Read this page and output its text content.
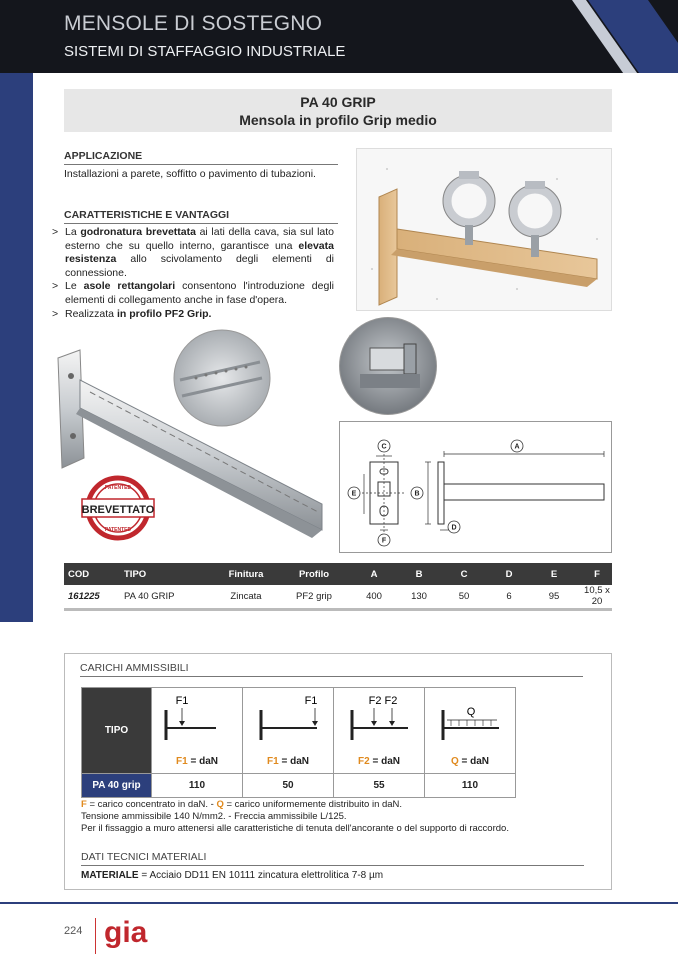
MENSOLE DI SOSTEGNO
SISTEMI DI STAFFAGGIO INDUSTRIALE
PA 40 GRIP
Mensola in profilo Grip medio
APPLICAZIONE
Installazioni a parete, soffitto o pavimento di tubazioni.
CARATTERISTICHE E VANTAGGI
> La godronatura brevettata ai lati della cava, sia sul lato esterno che su quello interno, garantisce una elevata resistenza allo scivolamento degli elementi di connessione.
> Le asole rettangolari consentono l'introduzione degli elementi di collegamento anche in fase d'opera.
> Realizzata in profilo PF2 Grip.
PATENTED
BREVETTATO
PATENTED
A
C
B
E
D
F
COD	TIPO	Finitura	Profilo	A	B	C	D	E	F
161225	PA 40 GRIP	Zincata	PF2 grip	400	130	50	6	95	10,5 x 20
CARICHI AMMISSIBILI
TIPO	F1	F1	F2 F2	Q

	F1 = daN	F1 = daN	F2 = daN	Q = daN
PA 40 grip	110	50	55	110
F = carico concentrato in daN. - Q = carico uniformemente distribuito in daN.
Tensione ammissibile 140 N/mm2. - Freccia ammissibile L/125.
Per il fissaggio a muro attenersi alle caratteristiche di tenuta dell'ancorante o del supporto di raccordo.
DATI TECNICI MATERIALI
MATERIALE = Acciaio DD11 EN 10111 zincatura elettrolitica 7-8 µm
224 gia
